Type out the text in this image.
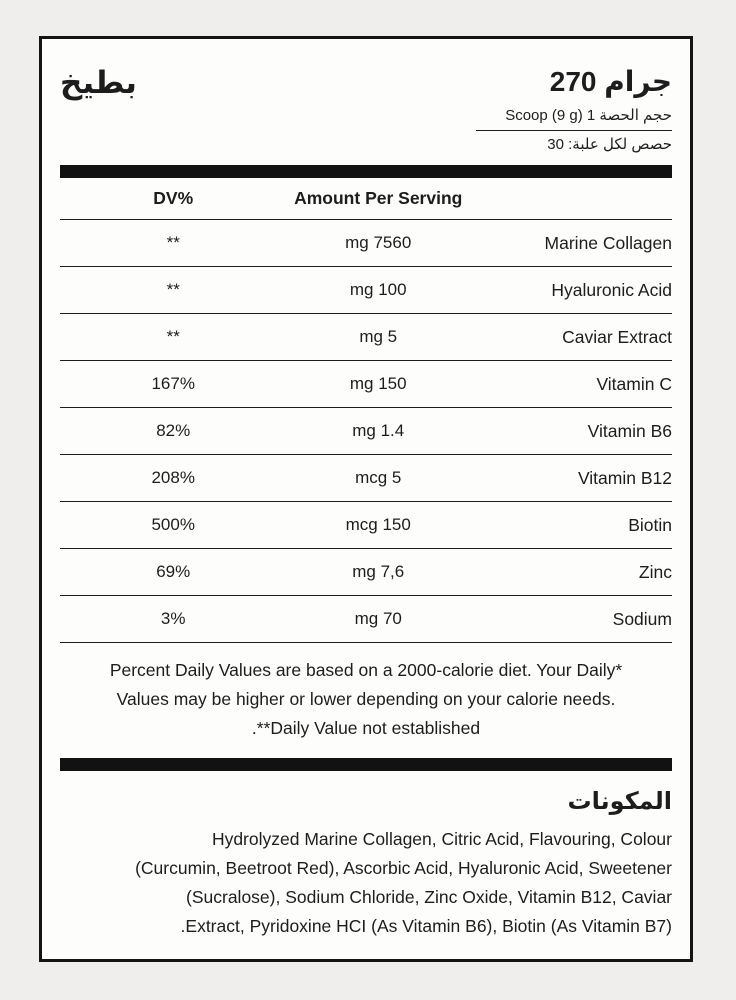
بطيخ	270 جرام
حجم الحصة 1 Scoop (9 g)‎
حصص لكل علبة: 30
DV%	Amount Per Serving
**	mg 7560	Marine Collagen
**	mg 100	Hyaluronic Acid
**	mg 5	Caviar Extract
167%	mg 150	Vitamin C
82%	mg 1.4	Vitamin B6
208%	mcg 5	Vitamin B12
500%	mcg 150	Biotin
69%	mg 7,6	Zinc
3%	mg 70	Sodium
Percent Daily Values are based on a 2000-calorie diet. Your Daily*
Values may be higher or lower depending on your calorie needs.
.**Daily Value not established
المكونات
Hydrolyzed Marine Collagen, Citric Acid, Flavouring, Colour
(Curcumin, Beetroot Red), Ascorbic Acid, Hyaluronic Acid, Sweetener
(Sucralose), Sodium Chloride, Zinc Oxide, Vitamin B12, Caviar
.Extract, Pyridoxine HCI (As Vitamin B6), Biotin (As Vitamin B7)
